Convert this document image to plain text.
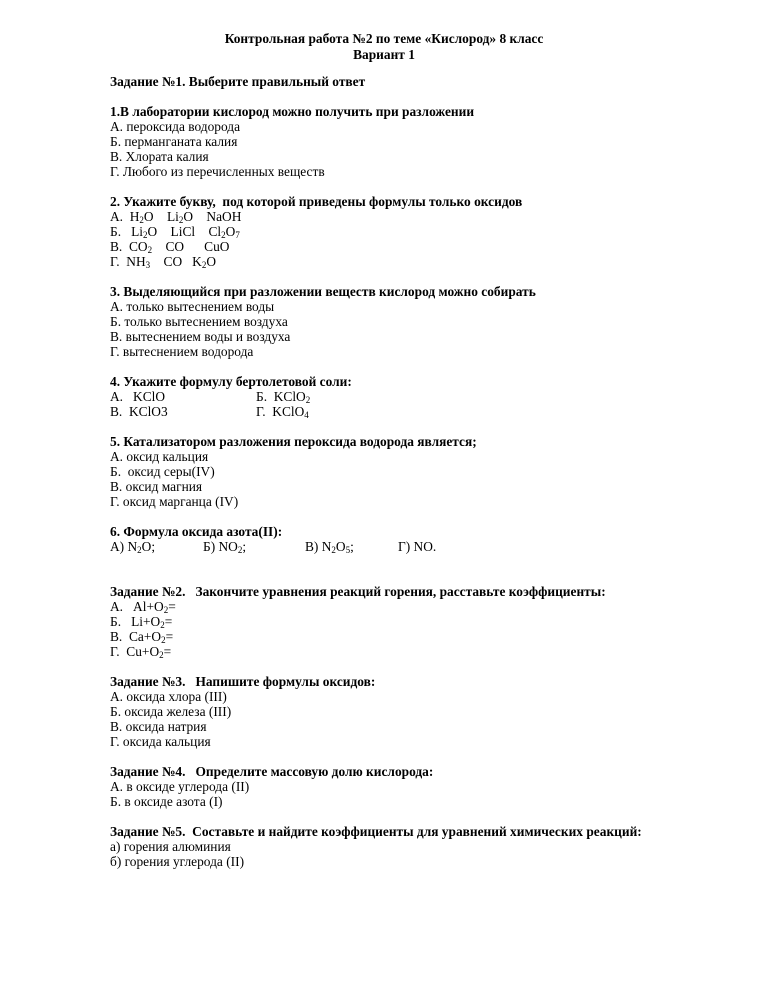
Контрольная работа №2 по теме «Кислород» 8 класс
Вариант 1
Задание №1. Выберите правильный ответ
1.В лаборатории кислород можно получить при разложении
А. пероксида водорода
Б. перманганата калия
В. Хлората калия
Г. Любого из перечисленных веществ
2. Укажите букву,  под которой приведены формулы только оксидов
А.  $H_2O$    $Li_2O$    NaOH
Б.   $Li_2O$    LiCl    $Cl_2O_7$
В.  $CO_2$    CO      CuO
Г.  $NH_3$    CO   $K_2O$
3. Выделяющийся при разложении веществ кислород можно собирать
А. только вытеснением воды
Б. только вытеснением воздуха
В. вытеснением воды и воздуха
Г. вытеснением водорода
4. Укажите формулу бертолетовой соли:
А.   KClO	Б.  KClO$_2$
В.  KClO3	Г.  KClO$_4$
5. Катализатором разложения пероксида водорода является;
А. оксид кальция
Б.  оксид серы(IV)
В. оксид магния
Г. оксид марганца (IV)
6. Формула оксида азота(II):
А) $N_2O$;	Б) $NO_2$;	В) $N_2O_5$;	Г) NO.
Задание №2.   Закончите уравнения реакций горения, расставьте коэффициенты:
А.   $Al+O_2=$
Б.   $Li+O_2=$
В.  $Ca+O_2=$
Г.  $Cu+O_2=$
Задание №3.   Напишите формулы оксидов:
А. оксида хлора (III)
Б. оксида железа (III)
В. оксида натрия
Г. оксида кальция
Задание №4.   Определите массовую долю кислорода:
А. в оксиде углерода (II)
Б. в оксиде азота (I)
Задание №5.  Составьте и найдите коэффициенты для уравнений химических реакций:
а) горения алюминия
б) горения углерода (II)
